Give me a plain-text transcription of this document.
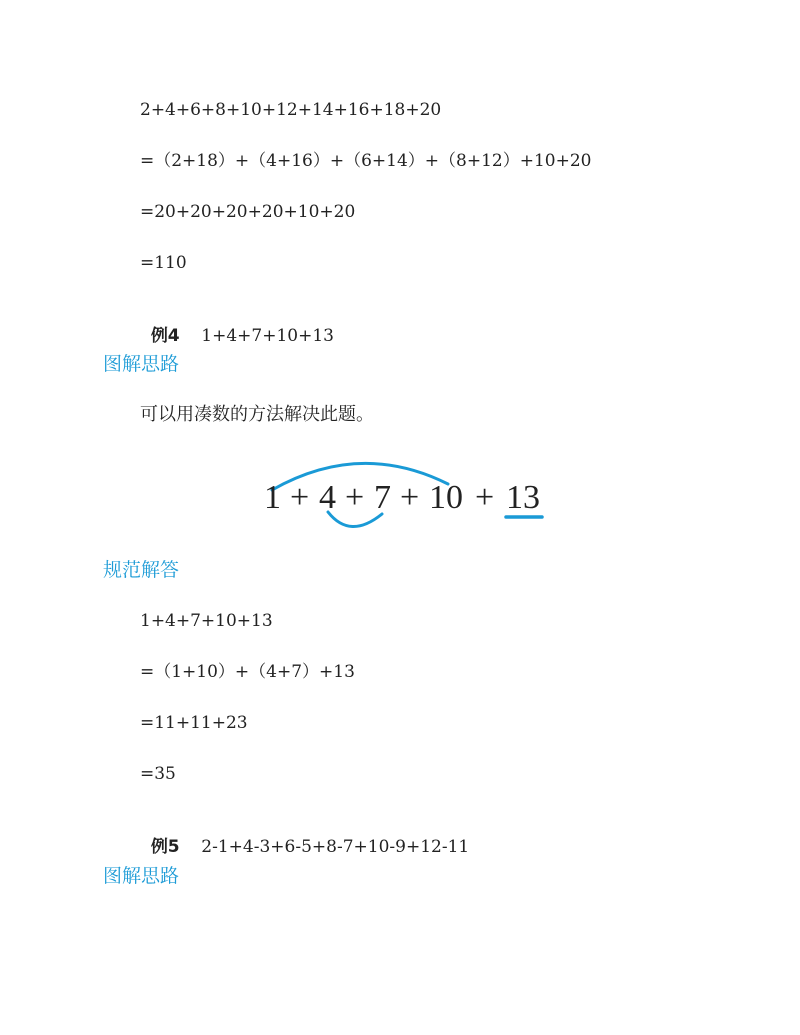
2+4+6+8+10+12+14+16+18+20
=（2+18）+（4+16）+（6+14）+（8+12）+10+20
=20+20+20+20+10+20
=110

例4 1+4+7+10+13

图解思路
可以用凑数的方法解决此题。
1 + 4 + 7 + 10 + 13
规范解答
1+4+7+10+13
=（1+10）+（4+7）+13
=11+11+23
=35

例5 2-1+4-3+6-5+8-7+10-9+12-11

图解思路
